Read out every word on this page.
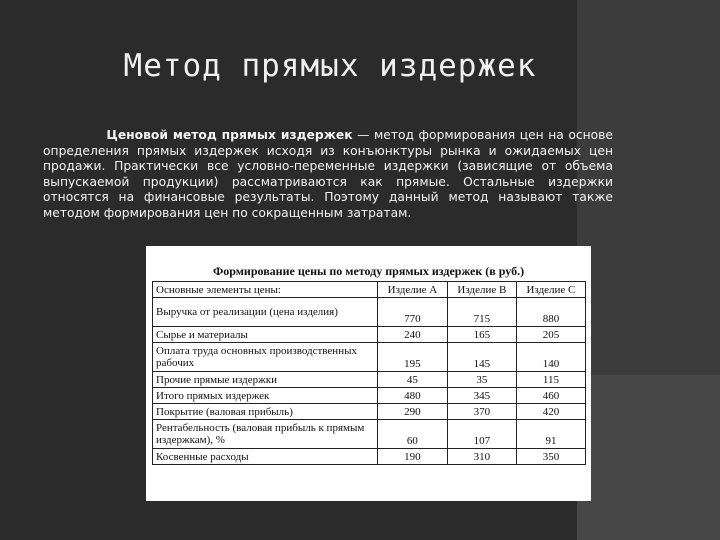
Метод прямых издержек
Ценовой метод прямых издержек — метод формирования цен на основе определения прямых издержек исходя из конъюнктуры рынка и ожидаемых цен продажи. Практически все условно-переменные издержки (зависящие от объема выпускаемой продукции) рассматриваются как прямые. Остальные издержки относятся на финансовые результаты. Поэтому данный метод называют также методом формирования цен по сокращенным затратам.
Формирование цены по методу прямых издержек (в руб.)
Основные элементы цены:	Изделие А	Изделие В	Изделие С
Выручка от реализации (цена изделия)	770	715	880
Сырье и материалы	240	165	205
Оплата труда основных производственных рабочих	195	145	140
Прочие прямые издержки	45	35	115
Итого прямых издержек	480	345	460
Покрытие (валовая прибыль)	290	370	420
Рентабельность (валовая прибыль к прямым издержкам), %	60	107	91
Косвенные расходы	190	310	350
